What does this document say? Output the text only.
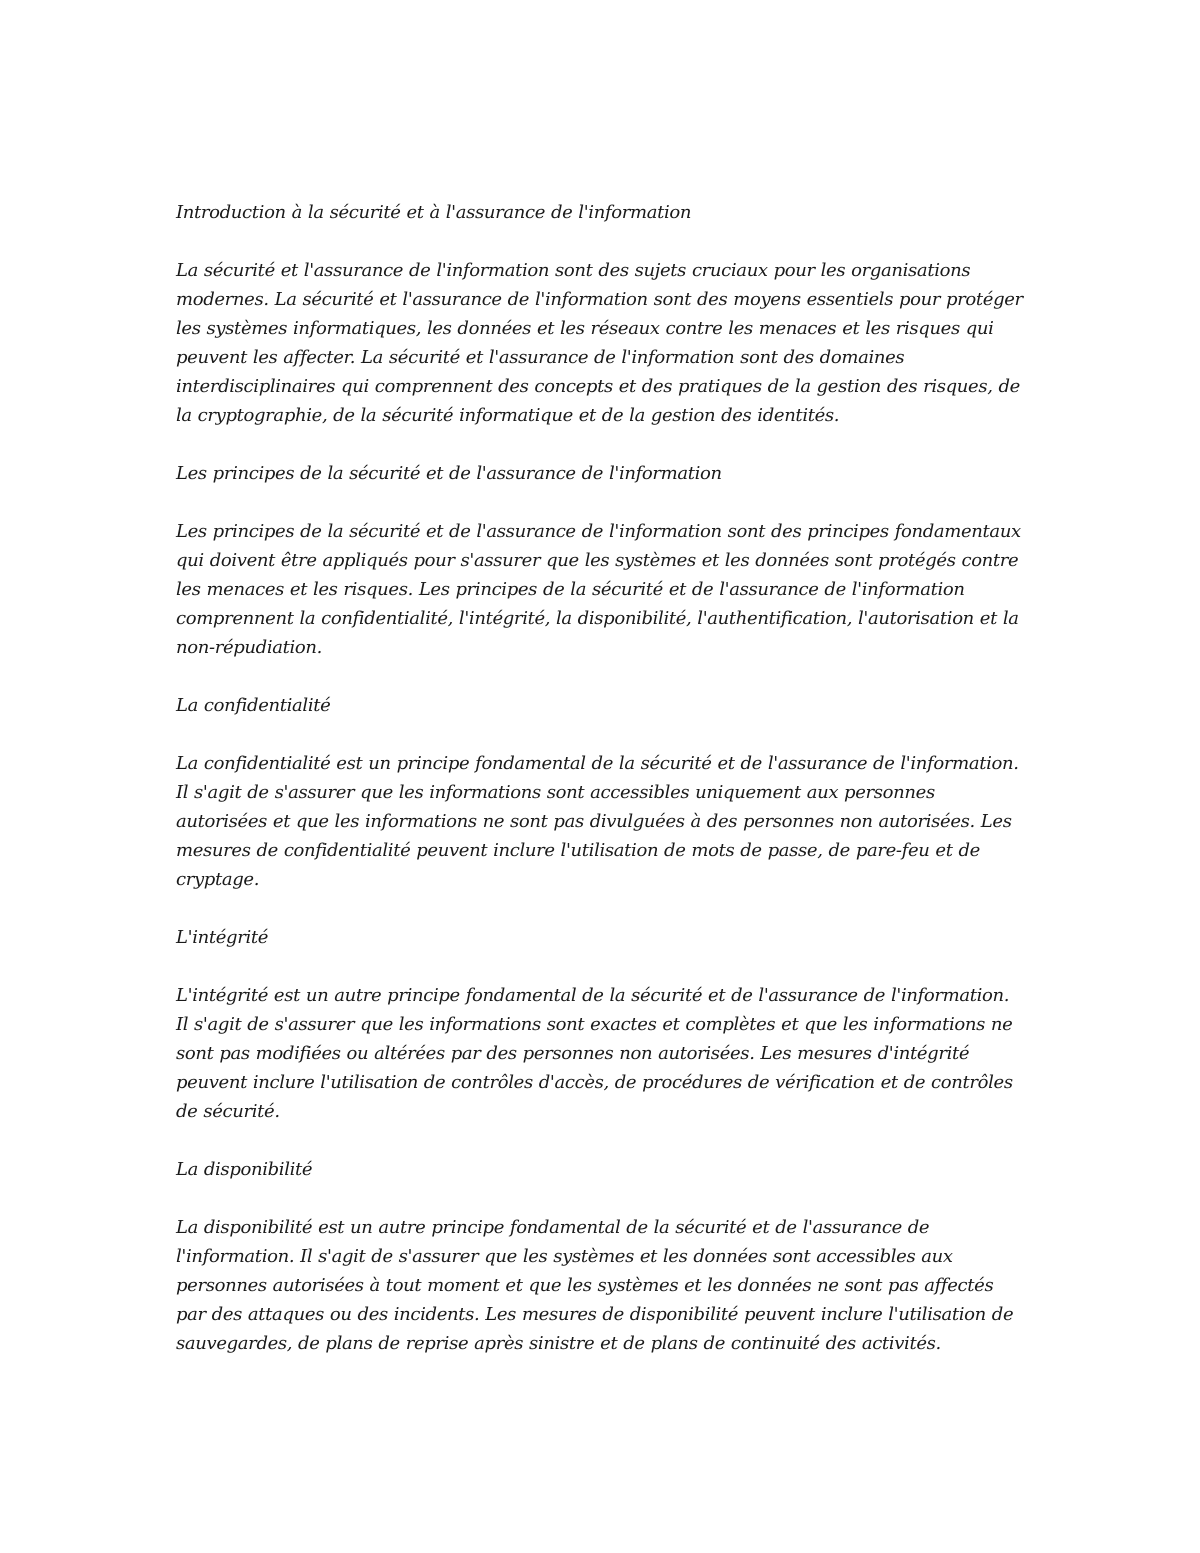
Introduction à la sécurité et à l'assurance de l'information

La sécurité et l'assurance de l'information sont des sujets cruciaux pour les organisations modernes. La sécurité et l'assurance de l'information sont des moyens essentiels pour protéger les systèmes informatiques, les données et les réseaux contre les menaces et les risques qui peuvent les affecter. La sécurité et l'assurance de l'information sont des domaines interdisciplinaires qui comprennent des concepts et des pratiques de la gestion des risques, de la cryptographie, de la sécurité informatique et de la gestion des identités.

Les principes de la sécurité et de l'assurance de l'information

Les principes de la sécurité et de l'assurance de l'information sont des principes fondamentaux qui doivent être appliqués pour s'assurer que les systèmes et les données sont protégés contre les menaces et les risques. Les principes de la sécurité et de l'assurance de l'information comprennent la confidentialité, l'intégrité, la disponibilité, l'authentification, l'autorisation et la non-répudiation.

La confidentialité

La confidentialité est un principe fondamental de la sécurité et de l'assurance de l'information. Il s'agit de s'assurer que les informations sont accessibles uniquement aux personnes autorisées et que les informations ne sont pas divulguées à des personnes non autorisées. Les mesures de confidentialité peuvent inclure l'utilisation de mots de passe, de pare-feu et de cryptage.

L'intégrité

L'intégrité est un autre principe fondamental de la sécurité et de l'assurance de l'information. Il s'agit de s'assurer que les informations sont exactes et complètes et que les informations ne sont pas modifiées ou altérées par des personnes non autorisées. Les mesures d'intégrité peuvent inclure l'utilisation de contrôles d'accès, de procédures de vérification et de contrôles de sécurité.

La disponibilité

La disponibilité est un autre principe fondamental de la sécurité et de l'assurance de l'information. Il s'agit de s'assurer que les systèmes et les données sont accessibles aux personnes autorisées à tout moment et que les systèmes et les données ne sont pas affectés par des attaques ou des incidents. Les mesures de disponibilité peuvent inclure l'utilisation de sauvegardes, de plans de reprise après sinistre et de plans de continuité des activités.
